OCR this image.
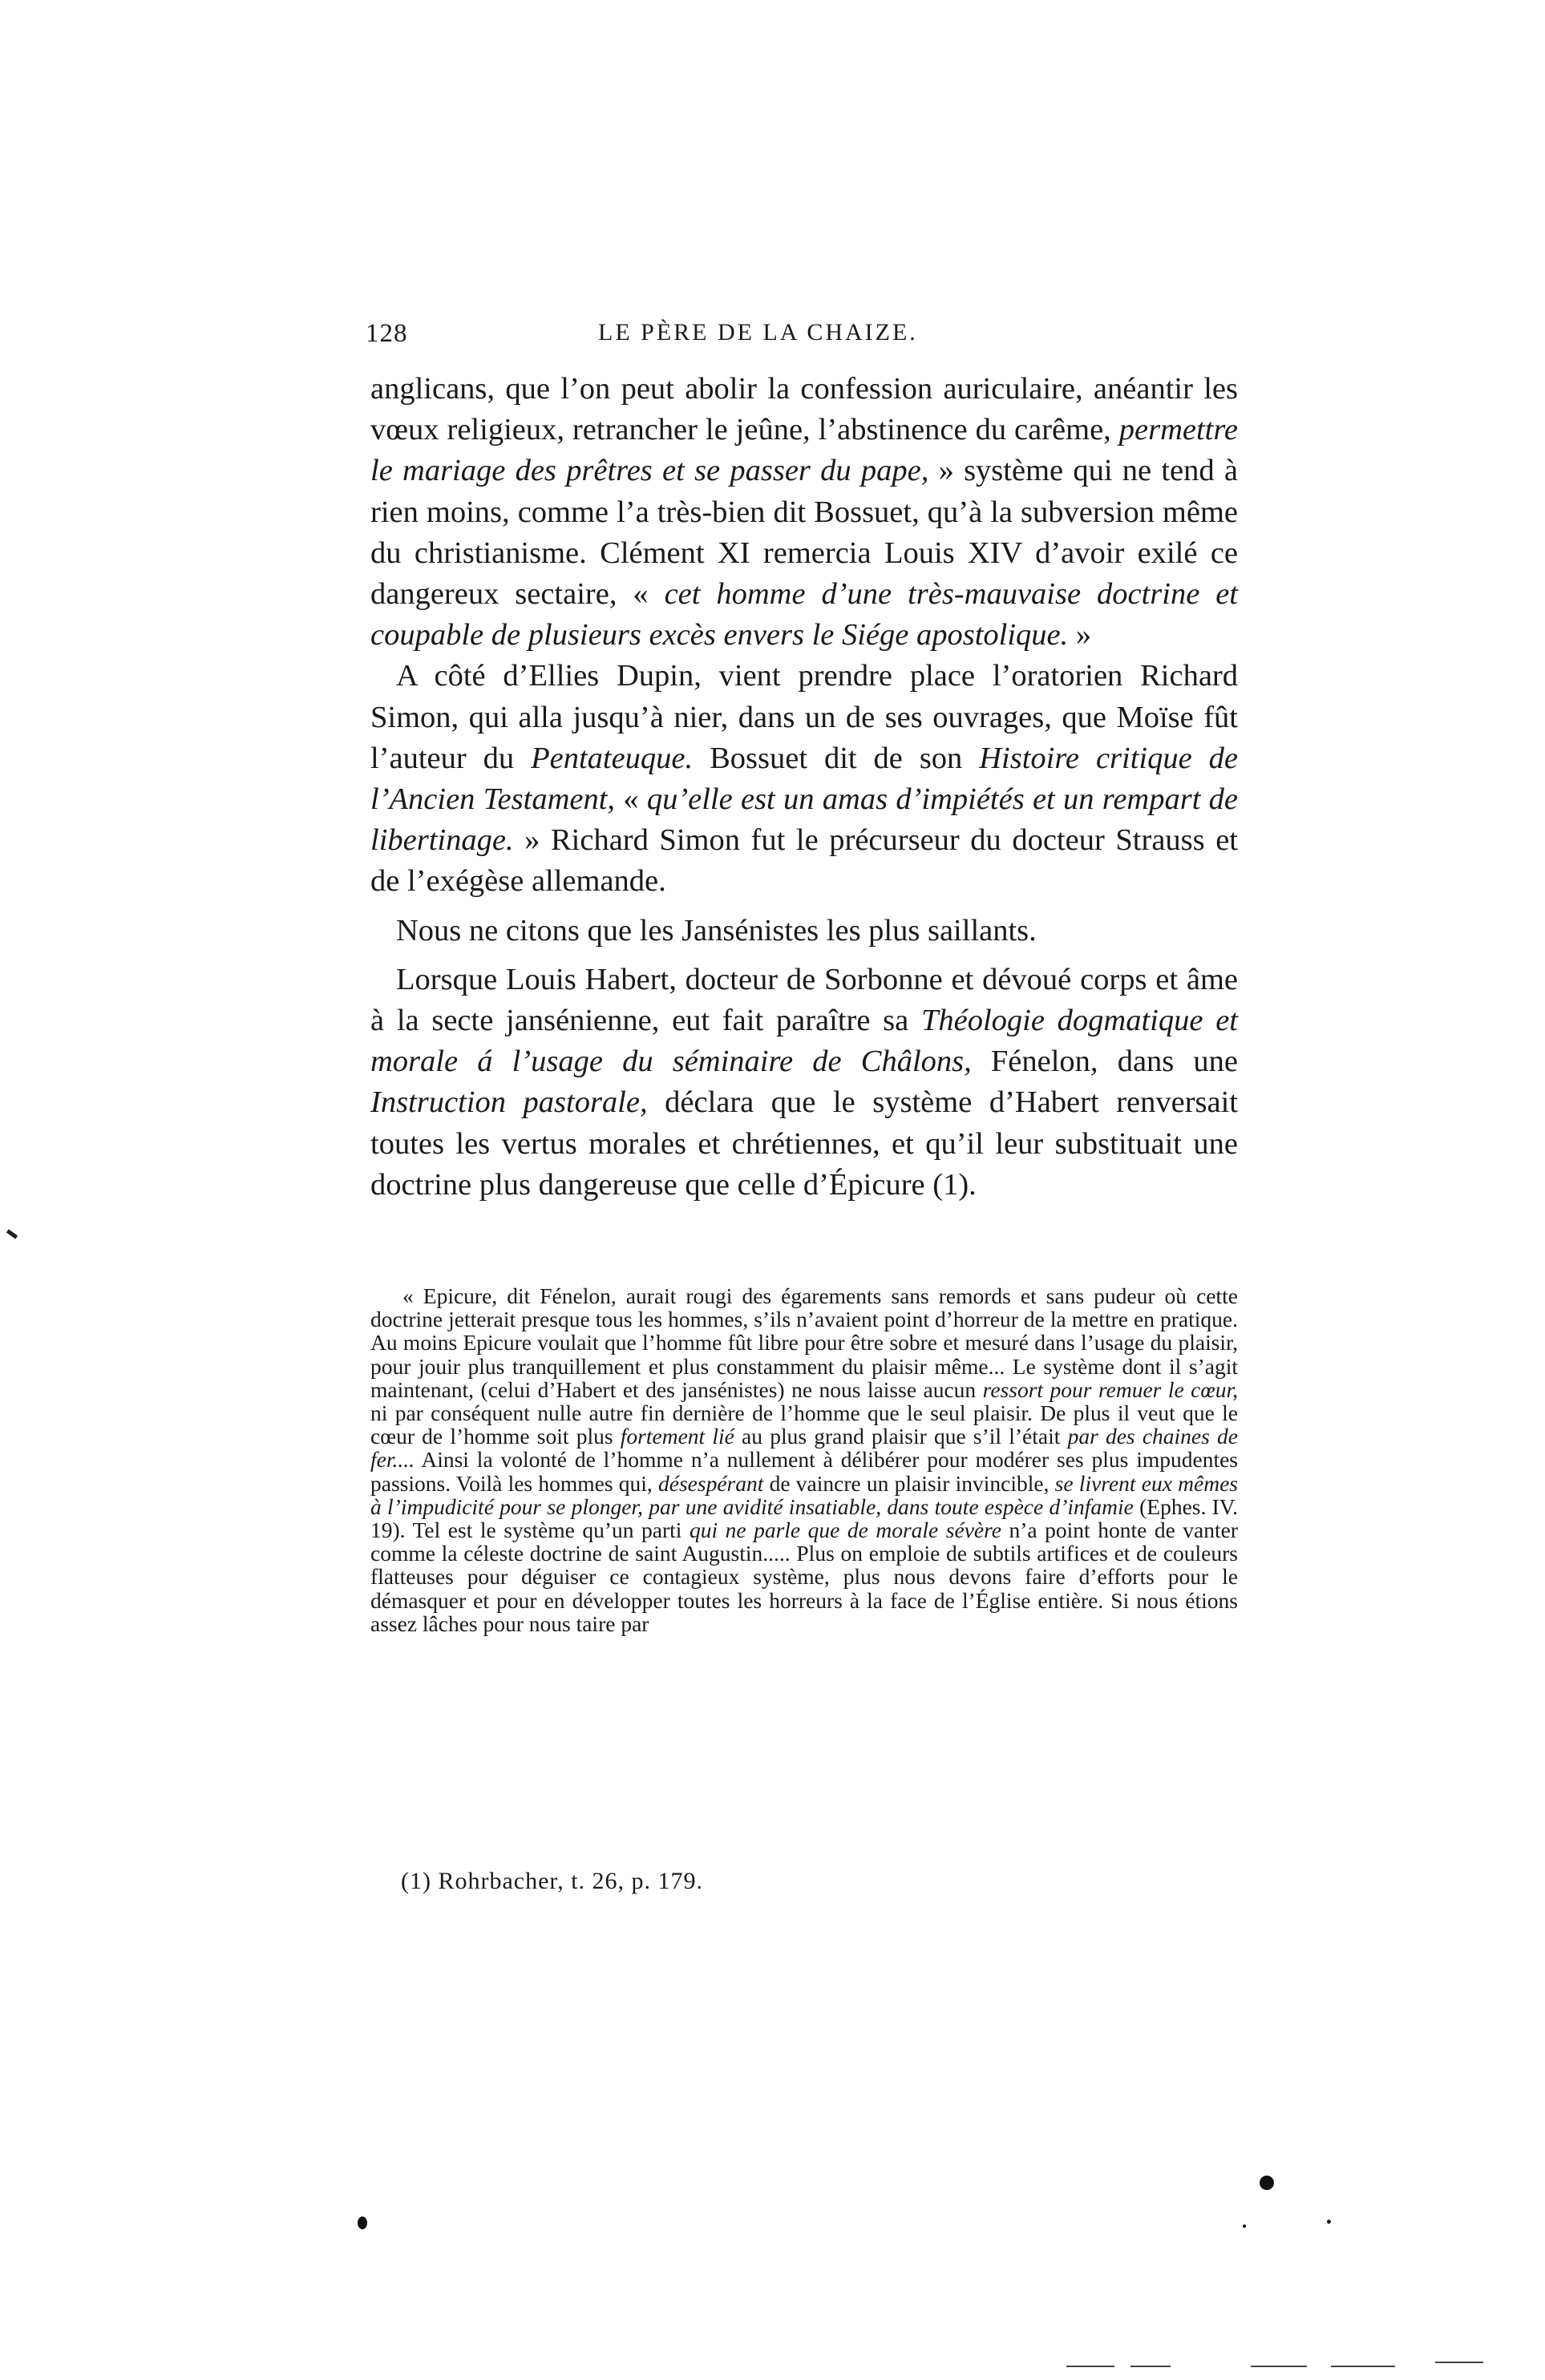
128	LE PÈRE DE LA CHAIZE.

anglicans, que l’on peut abolir la confession auriculaire, anéantir les vœux religieux, retrancher le jeûne, l’abstinence du carême, permettre le mariage des prêtres et se passer du pape, » système qui ne tend à rien moins, comme l’a très-bien dit Bossuet, qu’à la subversion même du christianisme. Clément XI remercia Louis XIV d’avoir exilé ce dangereux sectaire, « cet homme d’une très-mauvaise doctrine et coupable de plusieurs excès envers le Siége apostolique. »

A côté d’Ellies Dupin, vient prendre place l’oratorien Richard Simon, qui alla jusqu’à nier, dans un de ses ouvrages, que Moïse fût l’auteur du Pentateuque. Bossuet dit de son Histoire critique de l’Ancien Testament, « qu’elle est un amas d’impiétés et un rempart de libertinage. » Richard Simon fut le précurseur du docteur Strauss et de l’exégèse allemande.

Nous ne citons que les Jansénistes les plus saillants.

Lorsque Louis Habert, docteur de Sorbonne et dévoué corps et âme à la secte jansénienne, eut fait paraître sa Théologie dogmatique et morale á l’usage du séminaire de Châlons, Fénelon, dans une Instruction pastorale, déclara que le système d’Habert renversait toutes les vertus morales et chrétiennes, et qu’il leur substituait une doctrine plus dangereuse que celle d’Épicure (1).

« Epicure, dit Fénelon, aurait rougi des égarements sans remords et sans pudeur où cette doctrine jetterait presque tous les hommes, s’ils n’avaient point d’horreur de la mettre en pratique. Au moins Epicure voulait que l’homme fût libre pour être sobre et mesuré dans l’usage du plaisir, pour jouir plus tranquillement et plus constamment du plaisir même... Le système dont il s’agit maintenant, (celui d’Habert et des jansénistes) ne nous laisse aucun ressort pour remuer le cœur, ni par conséquent nulle autre fin dernière de l’homme que le seul plaisir. De plus il veut que le cœur de l’homme soit plus fortement lié au plus grand plaisir que s’il l’était par des chaines de fer.... Ainsi la volonté de l’homme n’a nullement à délibérer pour modérer ses plus impudentes passions. Voilà les hommes qui, désespérant de vaincre un plaisir invincible, se livrent eux mêmes à l’impudicité pour se plonger, par une avidité insatiable, dans toute espèce d’infamie (Ephes. IV. 19). Tel est le système qu’un parti qui ne parle que de morale sévère n’a point honte de vanter comme la céleste doctrine de saint Augustin..... Plus on emploie de subtils artifices et de couleurs flatteuses pour déguiser ce contagieux système, plus nous devons faire d’efforts pour le démasquer et pour en développer toutes les horreurs à la face de l’Église entière. Si nous étions assez lâches pour nous taire par

(1) Rohrbacher, t. 26, p. 179.
